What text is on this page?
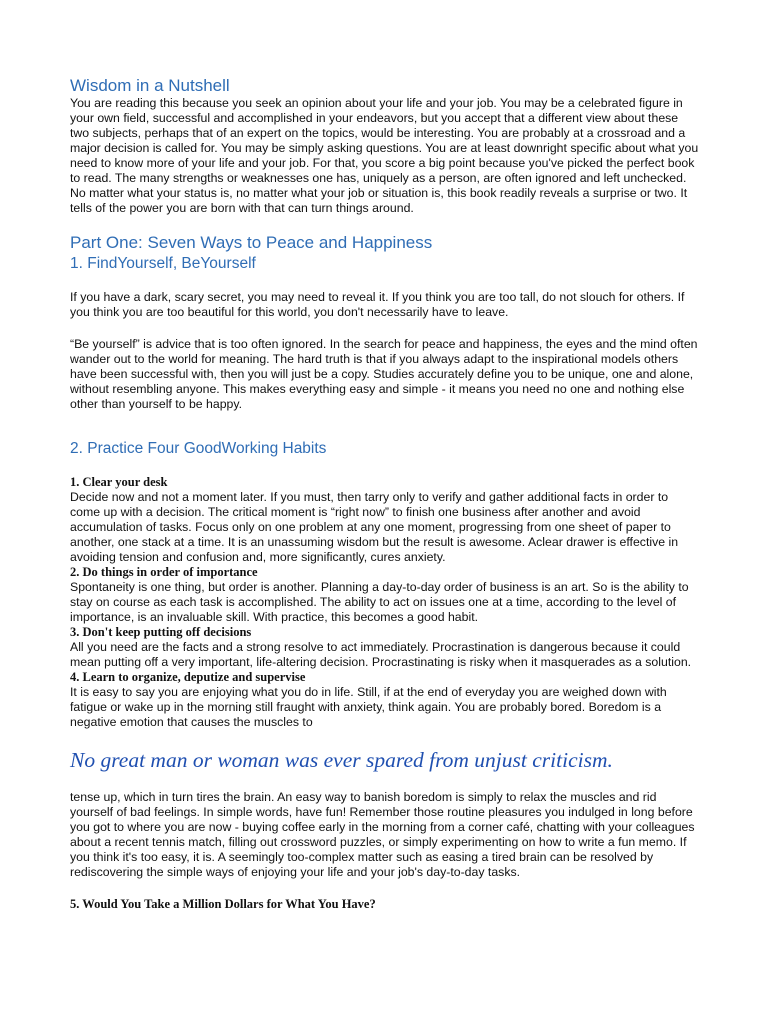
Wisdom in a Nutshell

You are reading this because you seek an opinion about your life and your job. You may be a celebrated figure in your own field, successful and accomplished in your endeavors, but you accept that a different view about these two subjects, perhaps that of an expert on the topics, would be interesting. You are probably at a crossroad and a major decision is called for. You may be simply asking questions. You are at least downright specific about what you need to know more of your life and your job. For that, you score a big point because you've picked the perfect book to read. The many strengths or weaknesses one has, uniquely as a person, are often ignored and left unchecked. No matter what your status is, no matter what your job or situation is, this book readily reveals a surprise or two. It tells of the power you are born with that can turn things around.

Part One: Seven Ways to Peace and Happiness
1. FindYourself, BeYourself

If you have a dark, scary secret, you may need to reveal it. If you think you are too tall, do not slouch for others. If you think you are too beautiful for this world, you don't necessarily have to leave.

“Be yourself” is advice that is too often ignored. In the search for peace and happiness, the eyes and the mind often wander out to the world for meaning. The hard truth is that if you always adapt to the inspirational models others have been successful with, then you will just be a copy. Studies accurately define you to be unique, one and alone, without resembling anyone. This makes everything easy and simple - it means you need no one and nothing else other than yourself to be happy.

2. Practice Four GoodWorking Habits
1. Clear your desk

Decide now and not a moment later. If you must, then tarry only to verify and gather additional facts in order to come up with a decision. The critical moment is “right now” to finish one business after another and avoid accumulation of tasks. Focus only on one problem at any one moment, progressing from one sheet of paper to another, one stack at a time. It is an unassuming wisdom but the result is awesome. Aclear drawer is effective in avoiding tension and confusion and, more significantly, cures anxiety.

2. Do things in order of importance

Spontaneity is one thing, but order is another. Planning a day-to-day order of business is an art. So is the ability to stay on course as each task is accomplished. The ability to act on issues one at a time, according to the level of importance, is an invaluable skill. With practice, this becomes a good habit.

3. Don't keep putting off decisions

All you need are the facts and a strong resolve to act immediately. Procrastination is dangerous because it could mean putting off a very important, life-altering decision. Procrastinating is risky when it masquerades as a solution.

4. Learn to organize, deputize and supervise

It is easy to say you are enjoying what you do in life. Still, if at the end of everyday you are weighed down with fatigue or wake up in the morning still fraught with anxiety, think again. You are probably bored. Boredom is a negative emotion that causes the muscles to

No great man or woman was ever spared from unjust criticism.

tense up, which in turn tires the brain. An easy way to banish boredom is simply to relax the muscles and rid yourself of bad feelings. In simple words, have fun! Remember those routine pleasures you indulged in long before you got to where you are now - buying coffee early in the morning from a corner café, chatting with your colleagues about a recent tennis match, filling out crossword puzzles, or simply experimenting on how to write a fun memo. If you think it's too easy, it is. A seemingly too-complex matter such as easing a tired brain can be resolved by rediscovering the simple ways of enjoying your life and your job's day-to-day tasks.

5. Would You Take a Million Dollars for What You Have?
